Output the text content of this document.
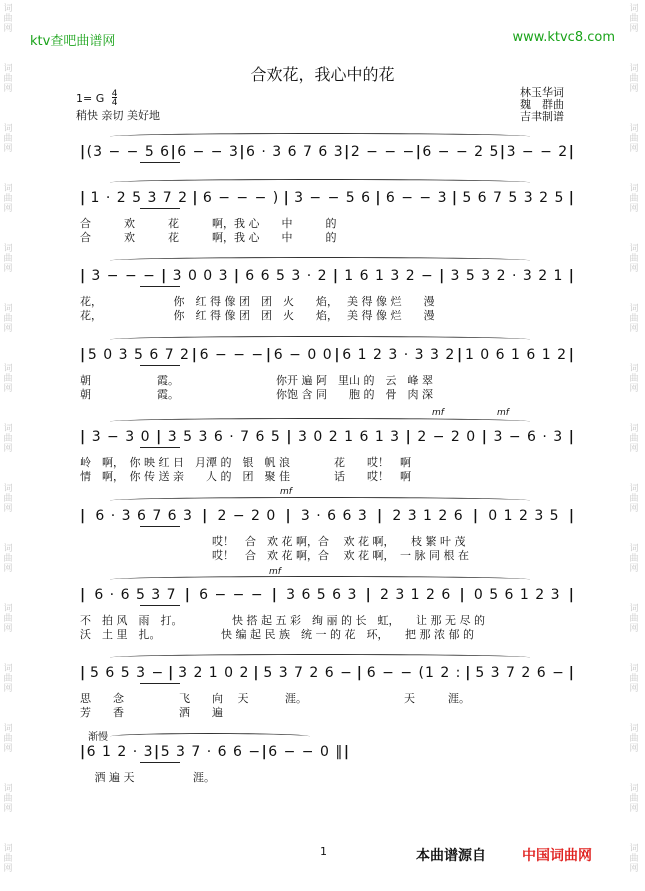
词
曲
网
词
曲
网
词
曲
网
词
曲
网
词
曲
网
词
曲
网
词
曲
网
词
曲
网
词
曲
网
词
曲
网
词
曲
网
词
曲
网
词
曲
网
词
曲
网
词
曲
网
词
曲
网
词
曲
网
词
曲
网
词
曲
网
词
曲
网
词
曲
网
词
曲
网
词
曲
网
词
曲
网
词
曲
网
词
曲
网
词
曲
网
词
曲
网
词
曲
网
词
曲
网
ktv查吧曲谱网	www.ktvc8.com
合欢花，我心中的花
1= G $\frac{4}{4}$
稍快 亲切 美好地
林玉华词
魏　群曲
吉聿制谱
| (3 − − 5 6 | 6 − − 3 | 6 · 3 6 7 6 3 | 2 − − − | 6 − − 2 5 | 3 − − 2 |
| 1 · 2 5 3 7 2 | 6 − − − ) | 3 − − 5 6 | 6 − − 3 | 5 6 7 5 3 2 5 |
合　　　欢　　　花　　　啊，我 心　　中　　　的
合　　　欢　　　花　　　啊，我 心　　中　　　的
| 3 − − − | 3 0 0 3 | 6 6 5 3 · 2 | 1 6 1 3 2 − | 3 5 3 2 · 3 2 1 |
花，　　　　　　　你　红 得 像 团　团　火　　焰，　 美 得 像 烂　　漫
花，　　　　　　　你　红 得 像 团　团　火　　焰，　 美 得 像 烂　　漫
| 5 0 3 5 6 7 2 | 6 − − − | 6 − 0 0 | 6 1 2 3 · 3 3 2 | 1 0 6 1 6 1 2 |
朝　　　　　　霞。　　　　　　　　　 你开 遍 阿　里山 的　云　峰 翠
朝　　　　　　霞。　　　　　　　　　 你饱 含 同　　胞 的　骨　肉 深
| 3 − 3 0 | 3 5 3 6 · 7 6 5 | 3 0 2 1 6 1 3 | 2 − 2 0 | 3 − 6 · 3 |
岭　啊，　你 映 红 日　月潭 的　银　帆 浪　　　　花　　哎！　啊
情　啊，　你 传 送 亲　　人 的　团　聚 佳　　　　话　　哎！　啊
| 6 · 3 6 7 6 3 | 2 − 2 0 | 3 · 6 6 3 | 2 3 1 2 6 | 0 1 2 3 5 |
　　　　　　　　　　　　哎！　合　欢 花 啊，合　 欢 花 啊，　　枝 繁 叶 茂
　　　　　　　　　　　　哎！　合　欢 花 啊，合　 欢 花 啊，　一 脉 同 根 在
| 6 · 6 5 3 7 | 6 − − − | 3 6 5 6 3 | 2 3 1 2 6 | 0 5 6 1 2 3 |
不　拍 风　雨　打。　　　　　快 搭 起 五 彩　绚 丽 的 长　虹，　　让 那 无 尽 的
沃　土 里　扎。　　　　　　快 编 起 民 族　统 一 的 花　环，　　把 那 浓 郁 的
| 5 6 5 3 − | 3 2 1 0 2 | 5 3 7 2 6 − | 6 − − (1 2 : | 5 3 7 2 6 − |
思　　念　　　　　飞　　向　 天　　　 涯。　　　　　　　　　 天　　　涯。
芳　　香　　　　　洒　　遍
| 6 1 2 · 3 | 5 3 7 · 6 6 − | 6 − − 0 ‖ |
　 洒 遍 天　　　　　 涯。
mf	mf
mf
mf
渐慢
1	本曲谱源自	中国词曲网
